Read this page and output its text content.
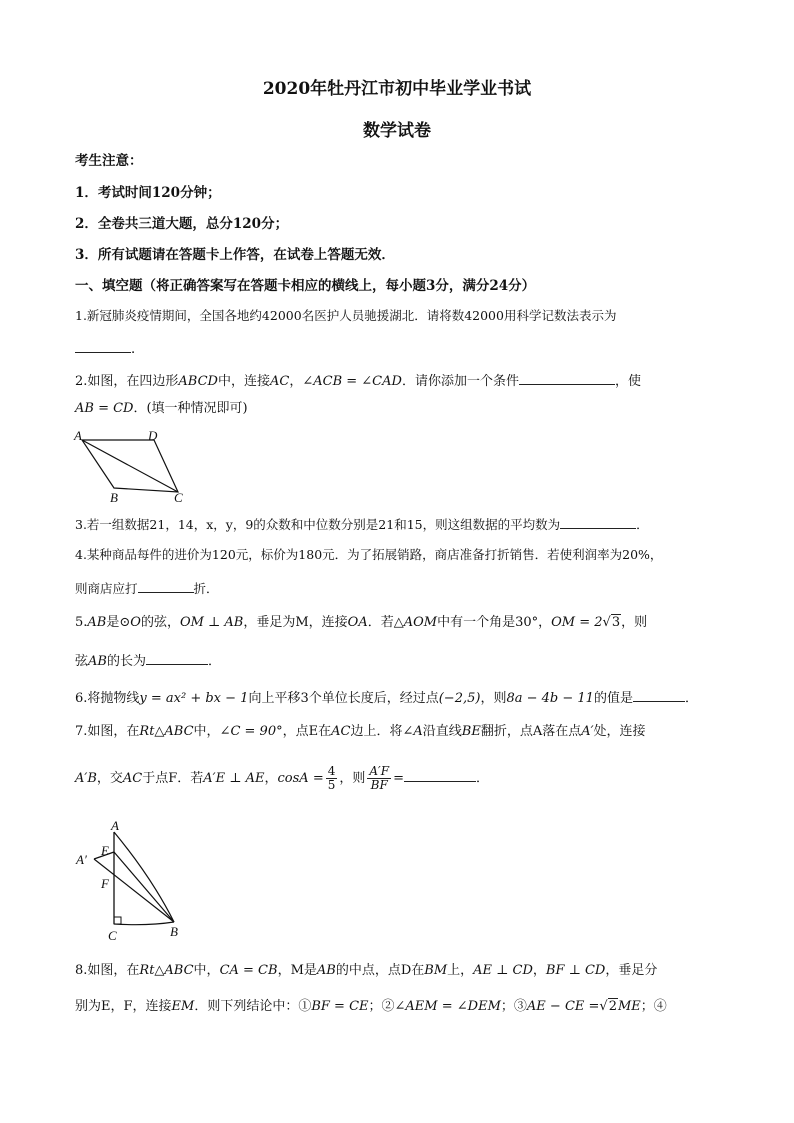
2020年牡丹江市初中毕业学业书试
数学试卷
考生注意：
1．考试时间120分钟；
2．全卷共三道大题，总分120分；
3．所有试题请在答题卡上作答，在试卷上答题无效．
一、填空题（将正确答案写在答题卡相应的横线上，每小题3分，满分24分）
1.新冠肺炎疫情期间，全国各地约42000名医护人员驰援湖北．请将数42000用科学记数法表示为
．
2.如图，在四边形ABCD中，连接AC，∠ACB = ∠CAD．请你添加一个条件	，使
AB = CD．(填一种情况即可)
A	D
B	C
3.若一组数据21，14，x，y，9的众数和中位数分别是21和15，则这组数据的平均数为	．
4.某种商品每件的进价为120元，标价为180元．为了拓展销路，商店准备打折销售．若使利润率为20%，
则商店应打	折．
5.AB是⊙O的弦，OM ⊥ AB，垂足为M，连接OA．若△AOM中有一个角是30°，OM = 2√3，则
弦AB的长为	．
6.将抛物线y = ax² + bx − 1向上平移3个单位长度后，经过点(−2,5)，则8a − 4b − 11的值是	．
7.如图，在Rt△ABC中，∠C = 90°，点E在AC边上．将∠A沿直线BE翻折，点A落在点A′处，连接
A′B，交AC于点F．若A′E ⊥ AE，$\cos A = \frac{4}{5}$ ，则 $\frac{A'F}{BF}$ =	．
A
A′
E
F
C	B
8.如图，在Rt△ABC中，CA = CB，M是AB的中点，点D在BM上，AE ⊥ CD，BF ⊥ CD，垂足分
别为E，F，连接EM．则下列结论中：①BF = CE；②∠AEM = ∠DEM；③AE − CE =√2ME；④
